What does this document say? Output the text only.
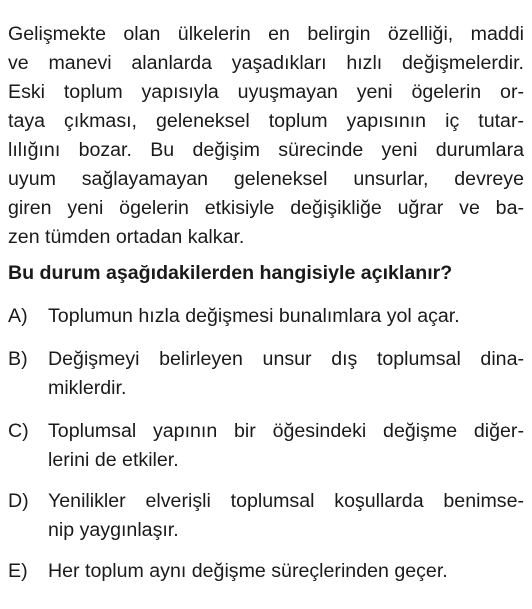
Gelişmekte olan ülkelerin en belirgin özelliği, maddi
ve manevi alanlarda yaşadıkları hızlı değişmelerdir.
Eski toplum yapısıyla uyuşmayan yeni ögelerin or-
taya çıkması, geleneksel toplum yapısının iç tutar-
lılığını bozar. Bu değişim sürecinde yeni durumlara
uyum sağlayamayan geleneksel unsurlar, devreye
giren yeni ögelerin etkisiyle değişikliğe uğrar ve ba-
zen tümden ortadan kalkar.
Bu durum aşağıdakilerden hangisiyle açıklanır?
A) Toplumun hızla değişmesi bunalımlara yol açar.
B) Değişmeyi belirleyen unsur dış toplumsal dina-
miklerdir.
C) Toplumsal yapının bir öğesindeki değişme diğer-
lerini de etkiler.
D) Yenilikler elverişli toplumsal koşullarda benimse-
nip yaygınlaşır.
E) Her toplum aynı değişme süreçlerinden geçer.
